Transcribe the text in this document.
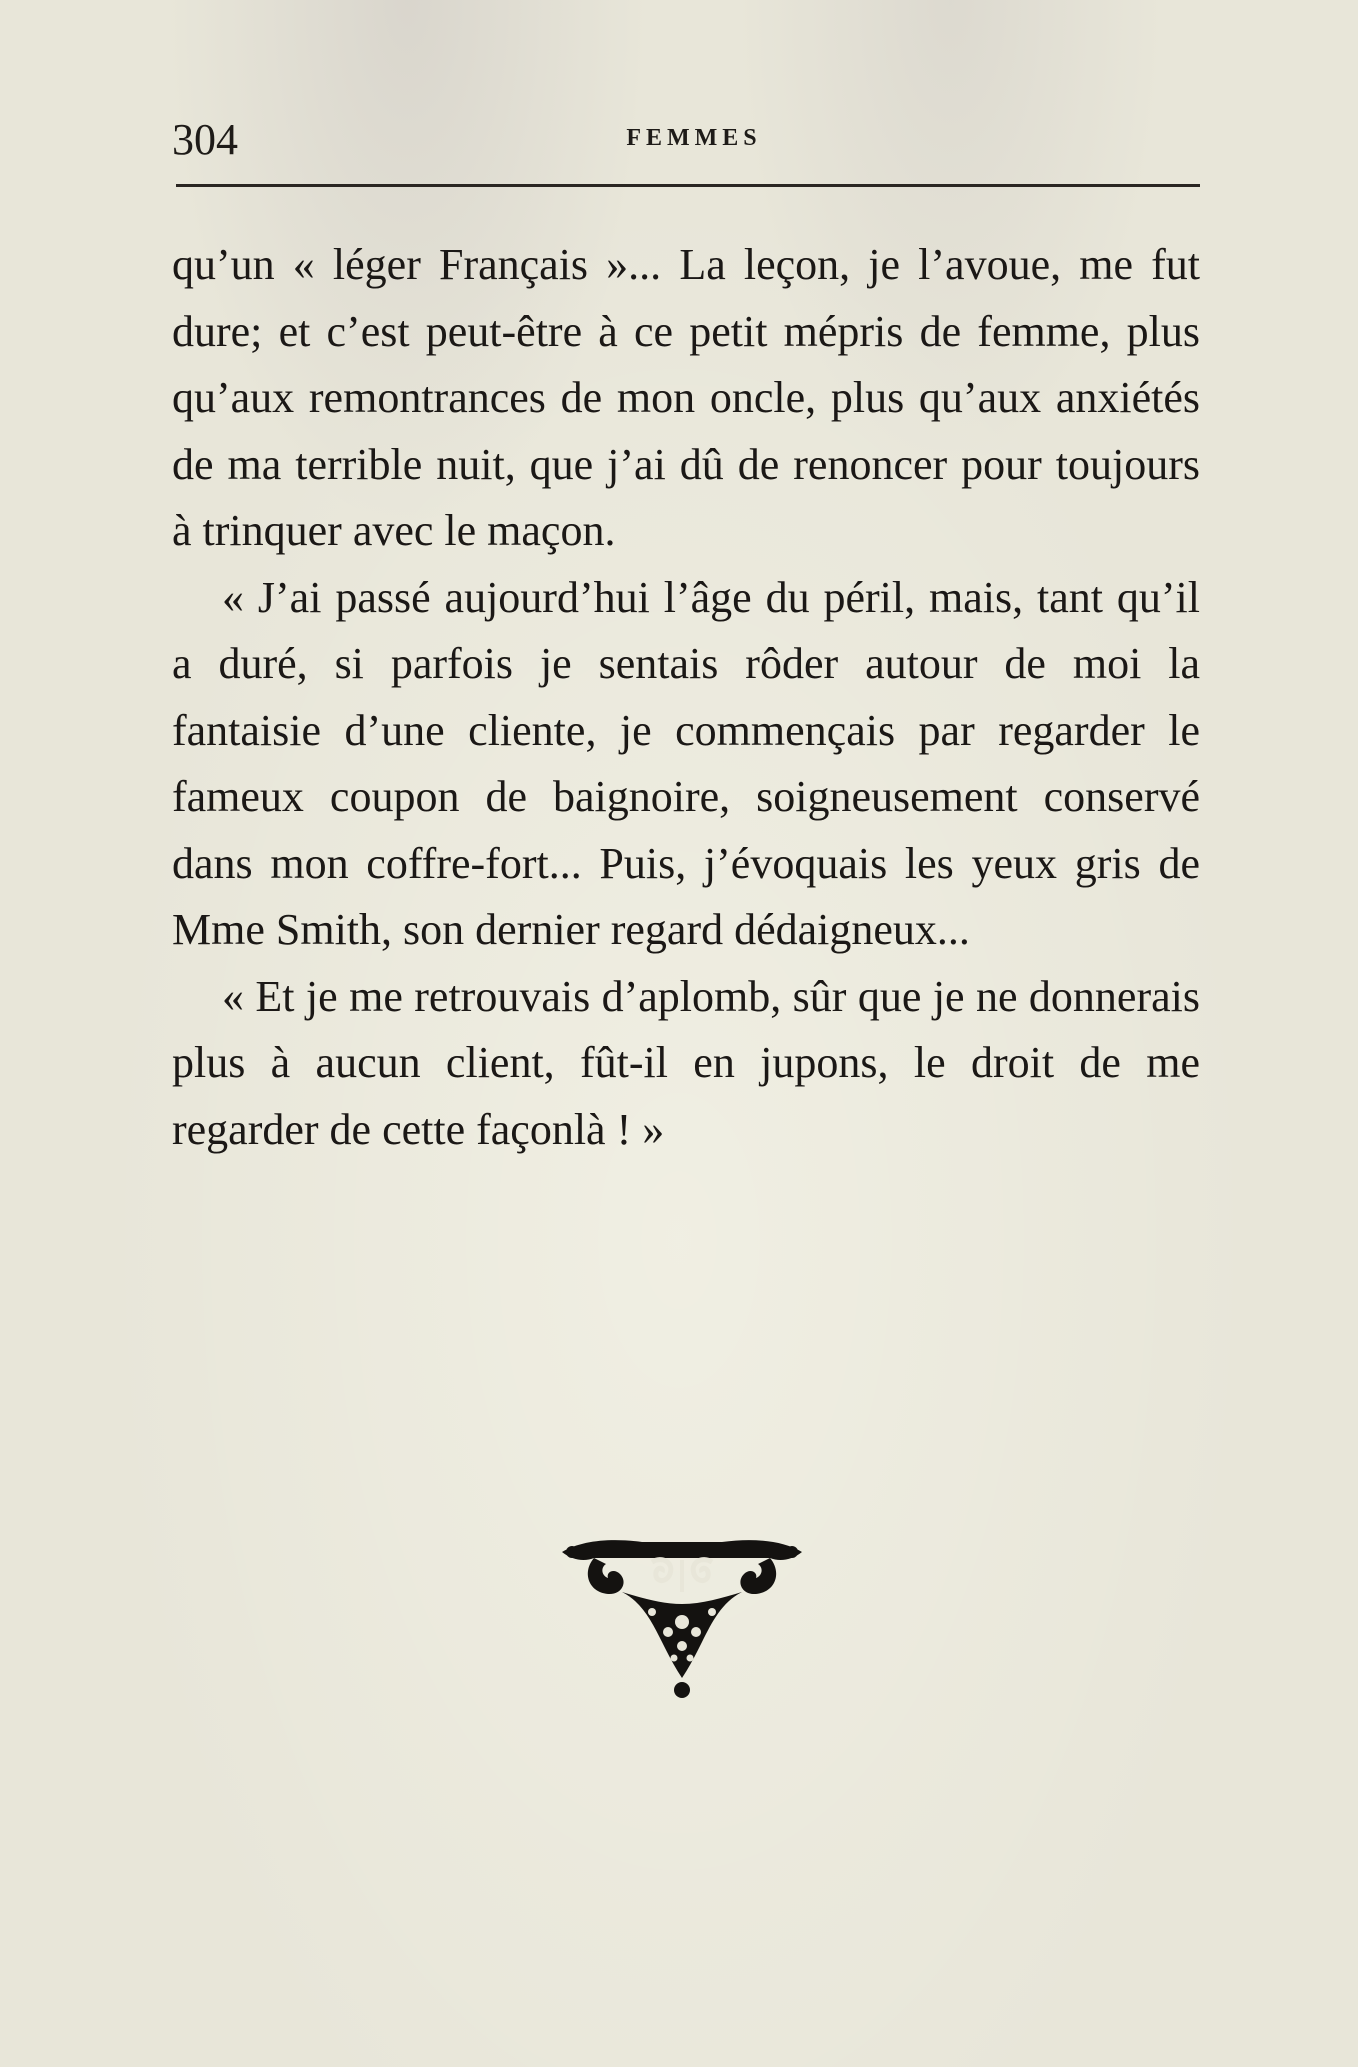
304	FEMMES

qu’un « léger Français »... La leçon, je l’avoue, me fut dure; et c’est peut-être à ce petit mépris de femme, plus qu’aux remontrances de mon oncle, plus qu’aux anxiétés de ma terrible nuit, que j’ai dû de renoncer pour toujours à trinquer avec le maçon.

« J’ai passé aujourd’hui l’âge du péril, mais, tant qu’il a duré, si parfois je sentais rôder autour de moi la fantaisie d’une cliente, je commençais par regarder le fameux coupon de baignoire, soigneusement conservé dans mon coffre-fort... Puis, j’évoquais les yeux gris de Mme Smith, son dernier regard dédaigneux...

« Et je me retrouvais d’aplomb, sûr que je ne donnerais plus à aucun client, fût-il en jupons, le droit de me regarder de cette façonlà ! »
